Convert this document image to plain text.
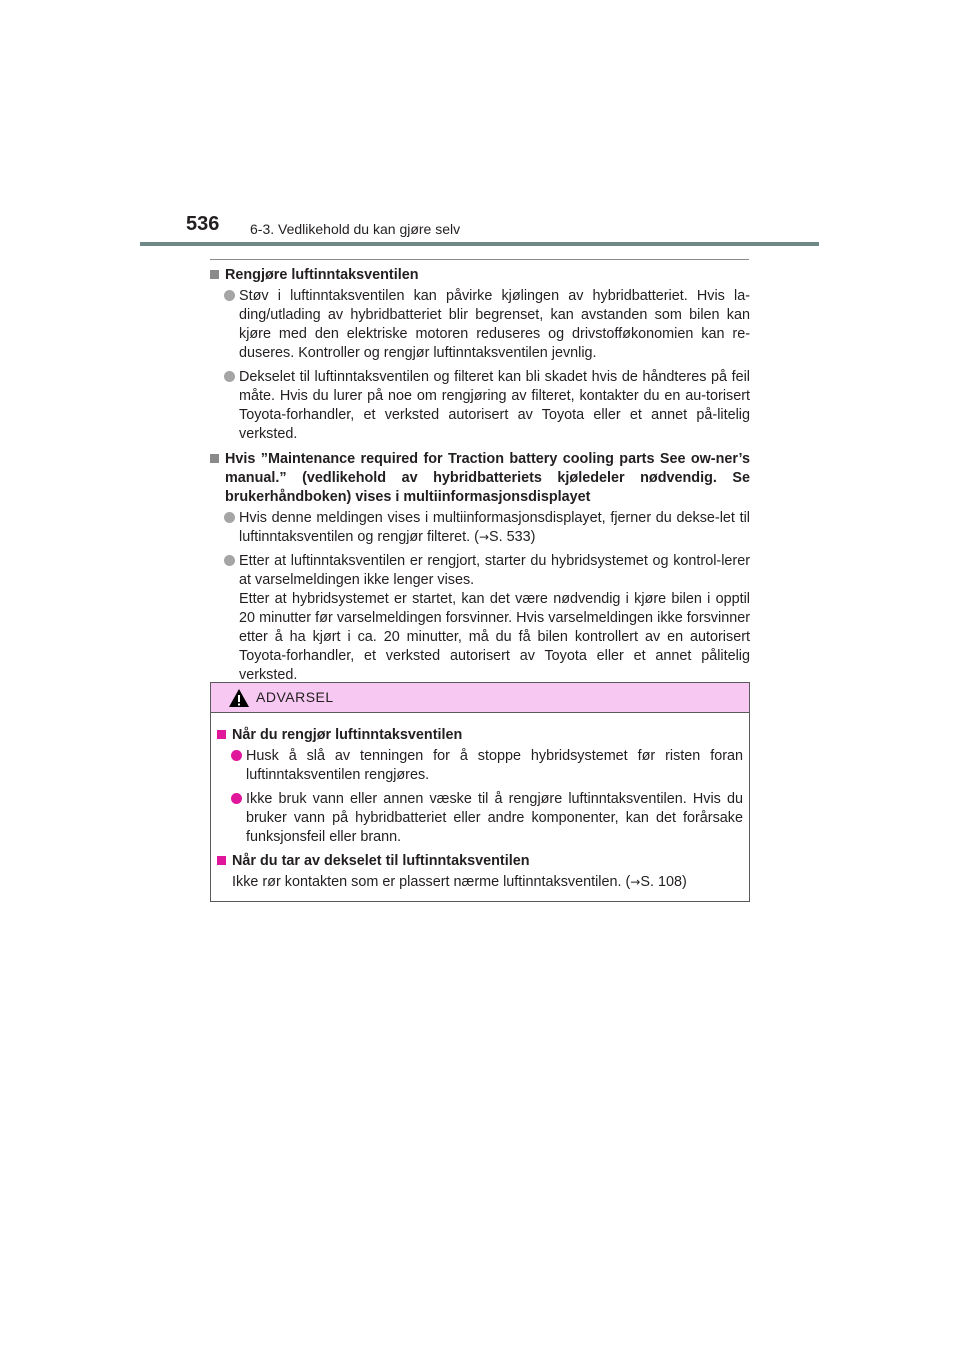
536 6-3. Vedlikehold du kan gjøre selv
Rengjøre luftinntaksventilen
Støv i luftinntaksventilen kan påvirke kjølingen av hybridbatteriet. Hvis la-ding/utlading av hybridbatteriet blir begrenset, kan avstanden som bilen kan kjøre med den elektriske motoren reduseres og drivstofføkonomien kan re-duseres. Kontroller og rengjør luftinntaksventilen jevnlig.
Dekselet til luftinntaksventilen og filteret kan bli skadet hvis de håndteres på feil måte. Hvis du lurer på noe om rengjøring av filteret, kontakter du en au-torisert Toyota-forhandler, et verksted autorisert av Toyota eller et annet på-litelig verksted.
Hvis ”Maintenance required for Traction battery cooling parts See ow-ner’s manual.” (vedlikehold av hybridbatteriets kjøledeler nødvendig. Se brukerhåndboken) vises i multiinformasjonsdisplayet
Hvis denne meldingen vises i multiinformasjonsdisplayet, fjerner du dekse-let til luftinntaksventilen og rengjør filteret. (→S. 533)
Etter at luftinntaksventilen er rengjort, starter du hybridsystemet og kontrol-lerer at varselmeldingen ikke lenger vises.
Etter at hybridsystemet er startet, kan det være nødvendig i kjøre bilen i opptil 20 minutter før varselmeldingen forsvinner. Hvis varselmeldingen ikke forsvinner etter å ha kjørt i ca. 20 minutter, må du få bilen kontrollert av en autorisert Toyota-forhandler, et verksted autorisert av Toyota eller et annet pålitelig verksted.
ADVARSEL
Når du rengjør luftinntaksventilen
Husk å slå av tenningen for å stoppe hybridsystemet før risten foran luftinntaksventilen rengjøres.
Ikke bruk vann eller annen væske til å rengjøre luftinntaksventilen. Hvis du bruker vann på hybridbatteriet eller andre komponenter, kan det forårsake funksjonsfeil eller brann.
Når du tar av dekselet til luftinntaksventilen
Ikke rør kontakten som er plassert nærme luftinntaksventilen. (→S. 108)
